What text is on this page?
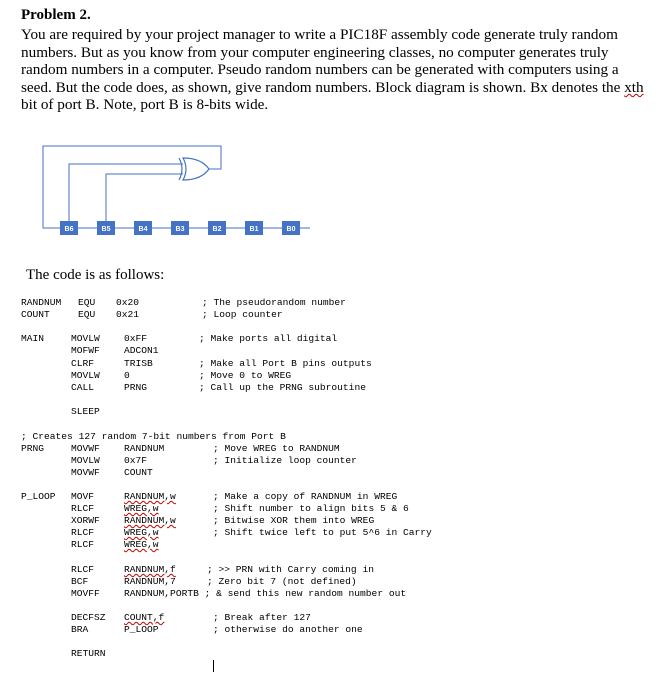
Problem 2.
You are required by your project manager to write a PIC18F assembly code generate truly random numbers. But as you know from your computer engineering classes, no computer generates truly random numbers in a computer. Pseudo random numbers can be generated with computers using a seed. But the code does, as shown, give random numbers. Block diagram is shown. Bx denotes the xth bit of port B. Note, port B is 8-bits wide.
B6	B5	B4	B3	B2	B1	B0
The code is as follows:
RANDNUM EQU 0x20	; The pseudorandom number
COUNT	EQU 0x21	; Loop counter
MAIN	MOVLW	0xFF	; Make ports all digital
MOFWF	ADCON1
CLRF	TRISB	; Make all Port B pins outputs
MOVLW	0	; Move 0 to WREG
CALL	PRNG	; Call up the PRNG subroutine
SLEEP
; Creates 127 random 7-bit numbers from Port B
PRNG	MOVWF	RANDNUM	; Move WREG to RANDNUM
MOVLW	0x7F	; Initialize loop counter
MOVWF	COUNT
P_LOOP MOVF	RANDNUM,w	; Make a copy of RANDNUM in WREG
RLCF	WREG,w	; Shift number to align bits 5 & 6
XORWF	RANDNUM,w	; Bitwise XOR them into WREG
RLCF	WREG,w	; Shift twice left to put 5^6 in Carry
RLCF	WREG,w
RLCF	RANDNUM,f	; >> PRN with Carry coming in
BCF	RANDNUM,7	; Zero bit 7 (not defined)
MOVFF	RANDNUM,PORTB ; & send this new random number out
DECFSZ COUNT,f	; Break after 127
BRA	P_LOOP	; otherwise do another one
RETURN
